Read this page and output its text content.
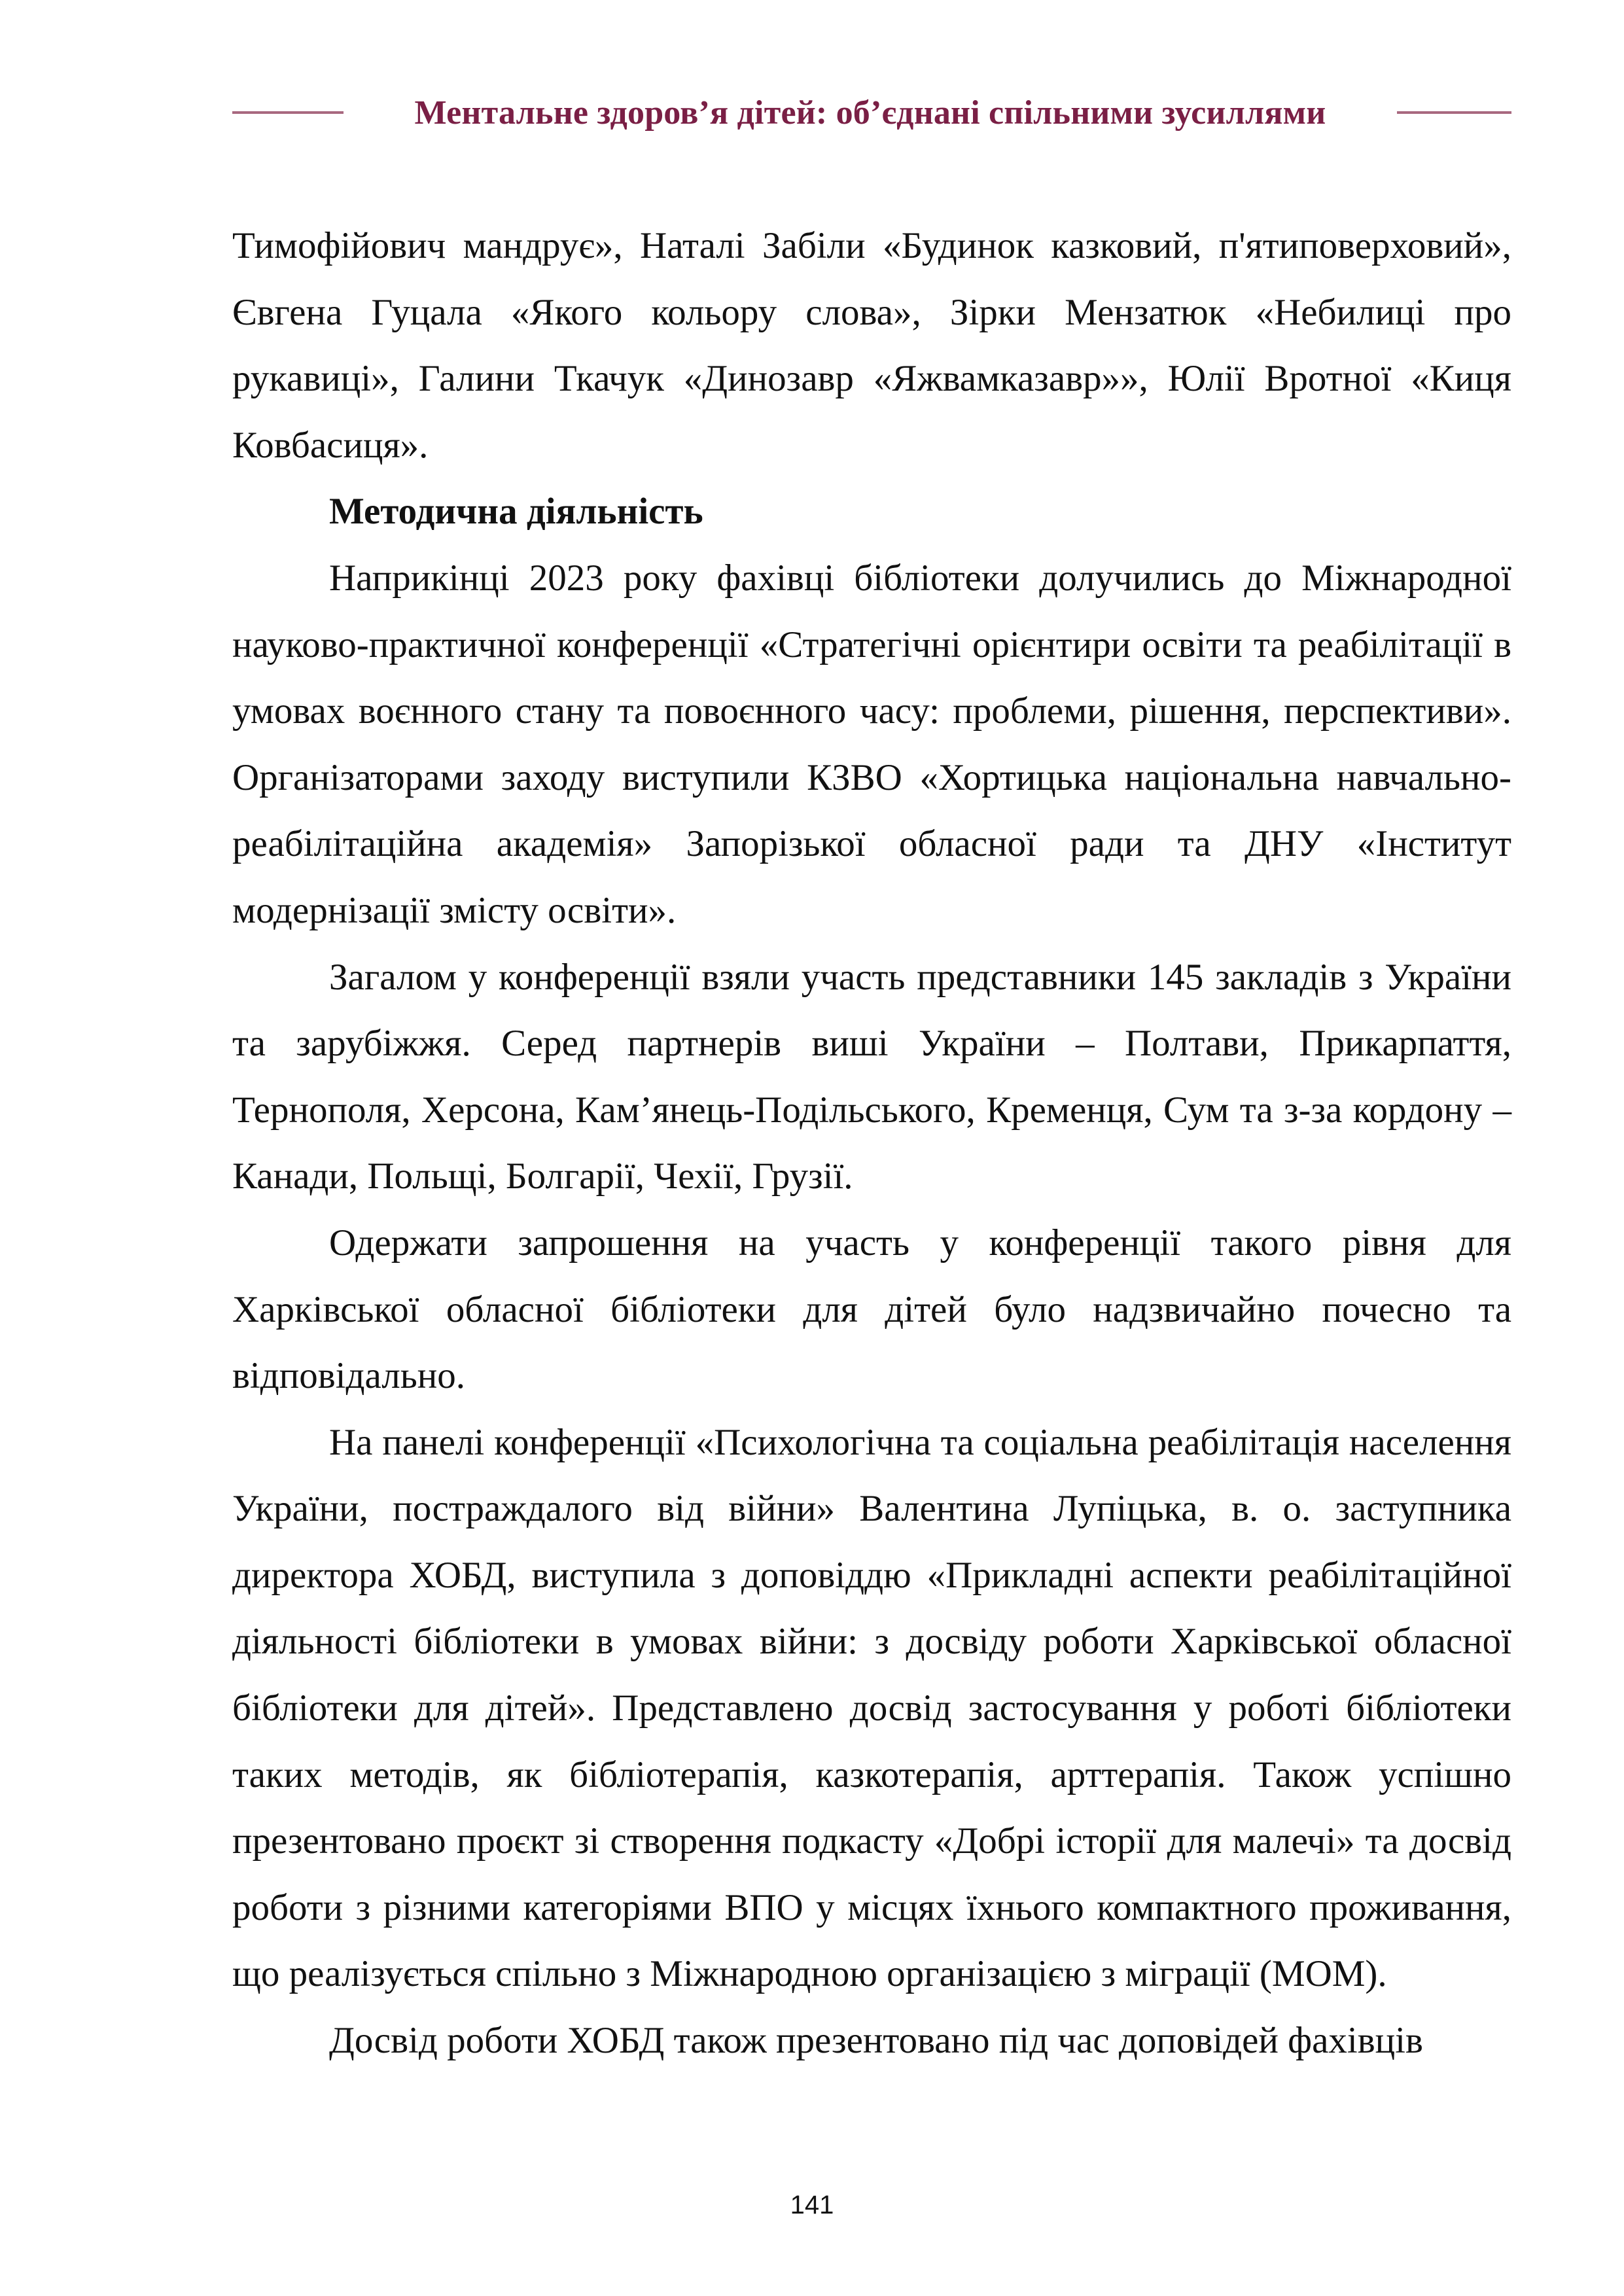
Ментальне здоров’я дітей: об’єднані спільними зусиллями

Тимофійович мандрує», Наталі Забіли «Будинок казковий, п'ятиповерховий», Євгена Гуцала «Якого кольору слова», Зірки Мензатюк «Небилиці про рукавиці», Галини Ткачук «Динозавр «Яжвамказавр»», Юлії Вротної «Киця Ковбасиця».

Методична діяльність

Наприкінці 2023 року фахівці бібліотеки долучились до Міжнародної науково-практичної конференції «Стратегічні орієнтири освіти та реабілітації в умовах воєнного стану та повоєнного часу: проблеми, рішення, перспективи». Організаторами заходу виступили КЗВО «Хортицька національна навчально-реабілітаційна академія» Запорізької обласної ради та ДНУ «Інститут модернізації змісту освіти».

Загалом у конференції взяли участь представники 145 закладів з України та зарубіжжя. Серед партнерів виші України – Полтави, Прикарпаття, Тернополя, Херсона, Кам’янець-Подільського, Кременця, Сум та з-за кордону – Канади, Польщі, Болгарії, Чехії, Грузії.

Одержати запрошення на участь у конференції такого рівня для Харківської обласної бібліотеки для дітей було надзвичайно почесно та відповідально.

На панелі конференції «Психологічна та соціальна реабілітація населення України, постраждалого від війни» Валентина Лупіцька, в. о. заступника директора ХОБД, виступила з доповіддю «Прикладні аспекти реабілітаційної діяльності бібліотеки в умовах війни: з досвіду роботи Харківської обласної бібліотеки для дітей». Представлено досвід застосування у роботі бібліотеки таких методів, як бібліотерапія, казкотерапія, арттерапія. Також успішно презентовано проєкт зі створення подкасту «Добрі історії для малечі» та досвід роботи з різними категоріями ВПО у місцях їхнього компактного проживання, що реалізується спільно з Міжнародною організацією з міграції (МОМ).

Досвід роботи ХОБД також презентовано під час доповідей фахівців

141
